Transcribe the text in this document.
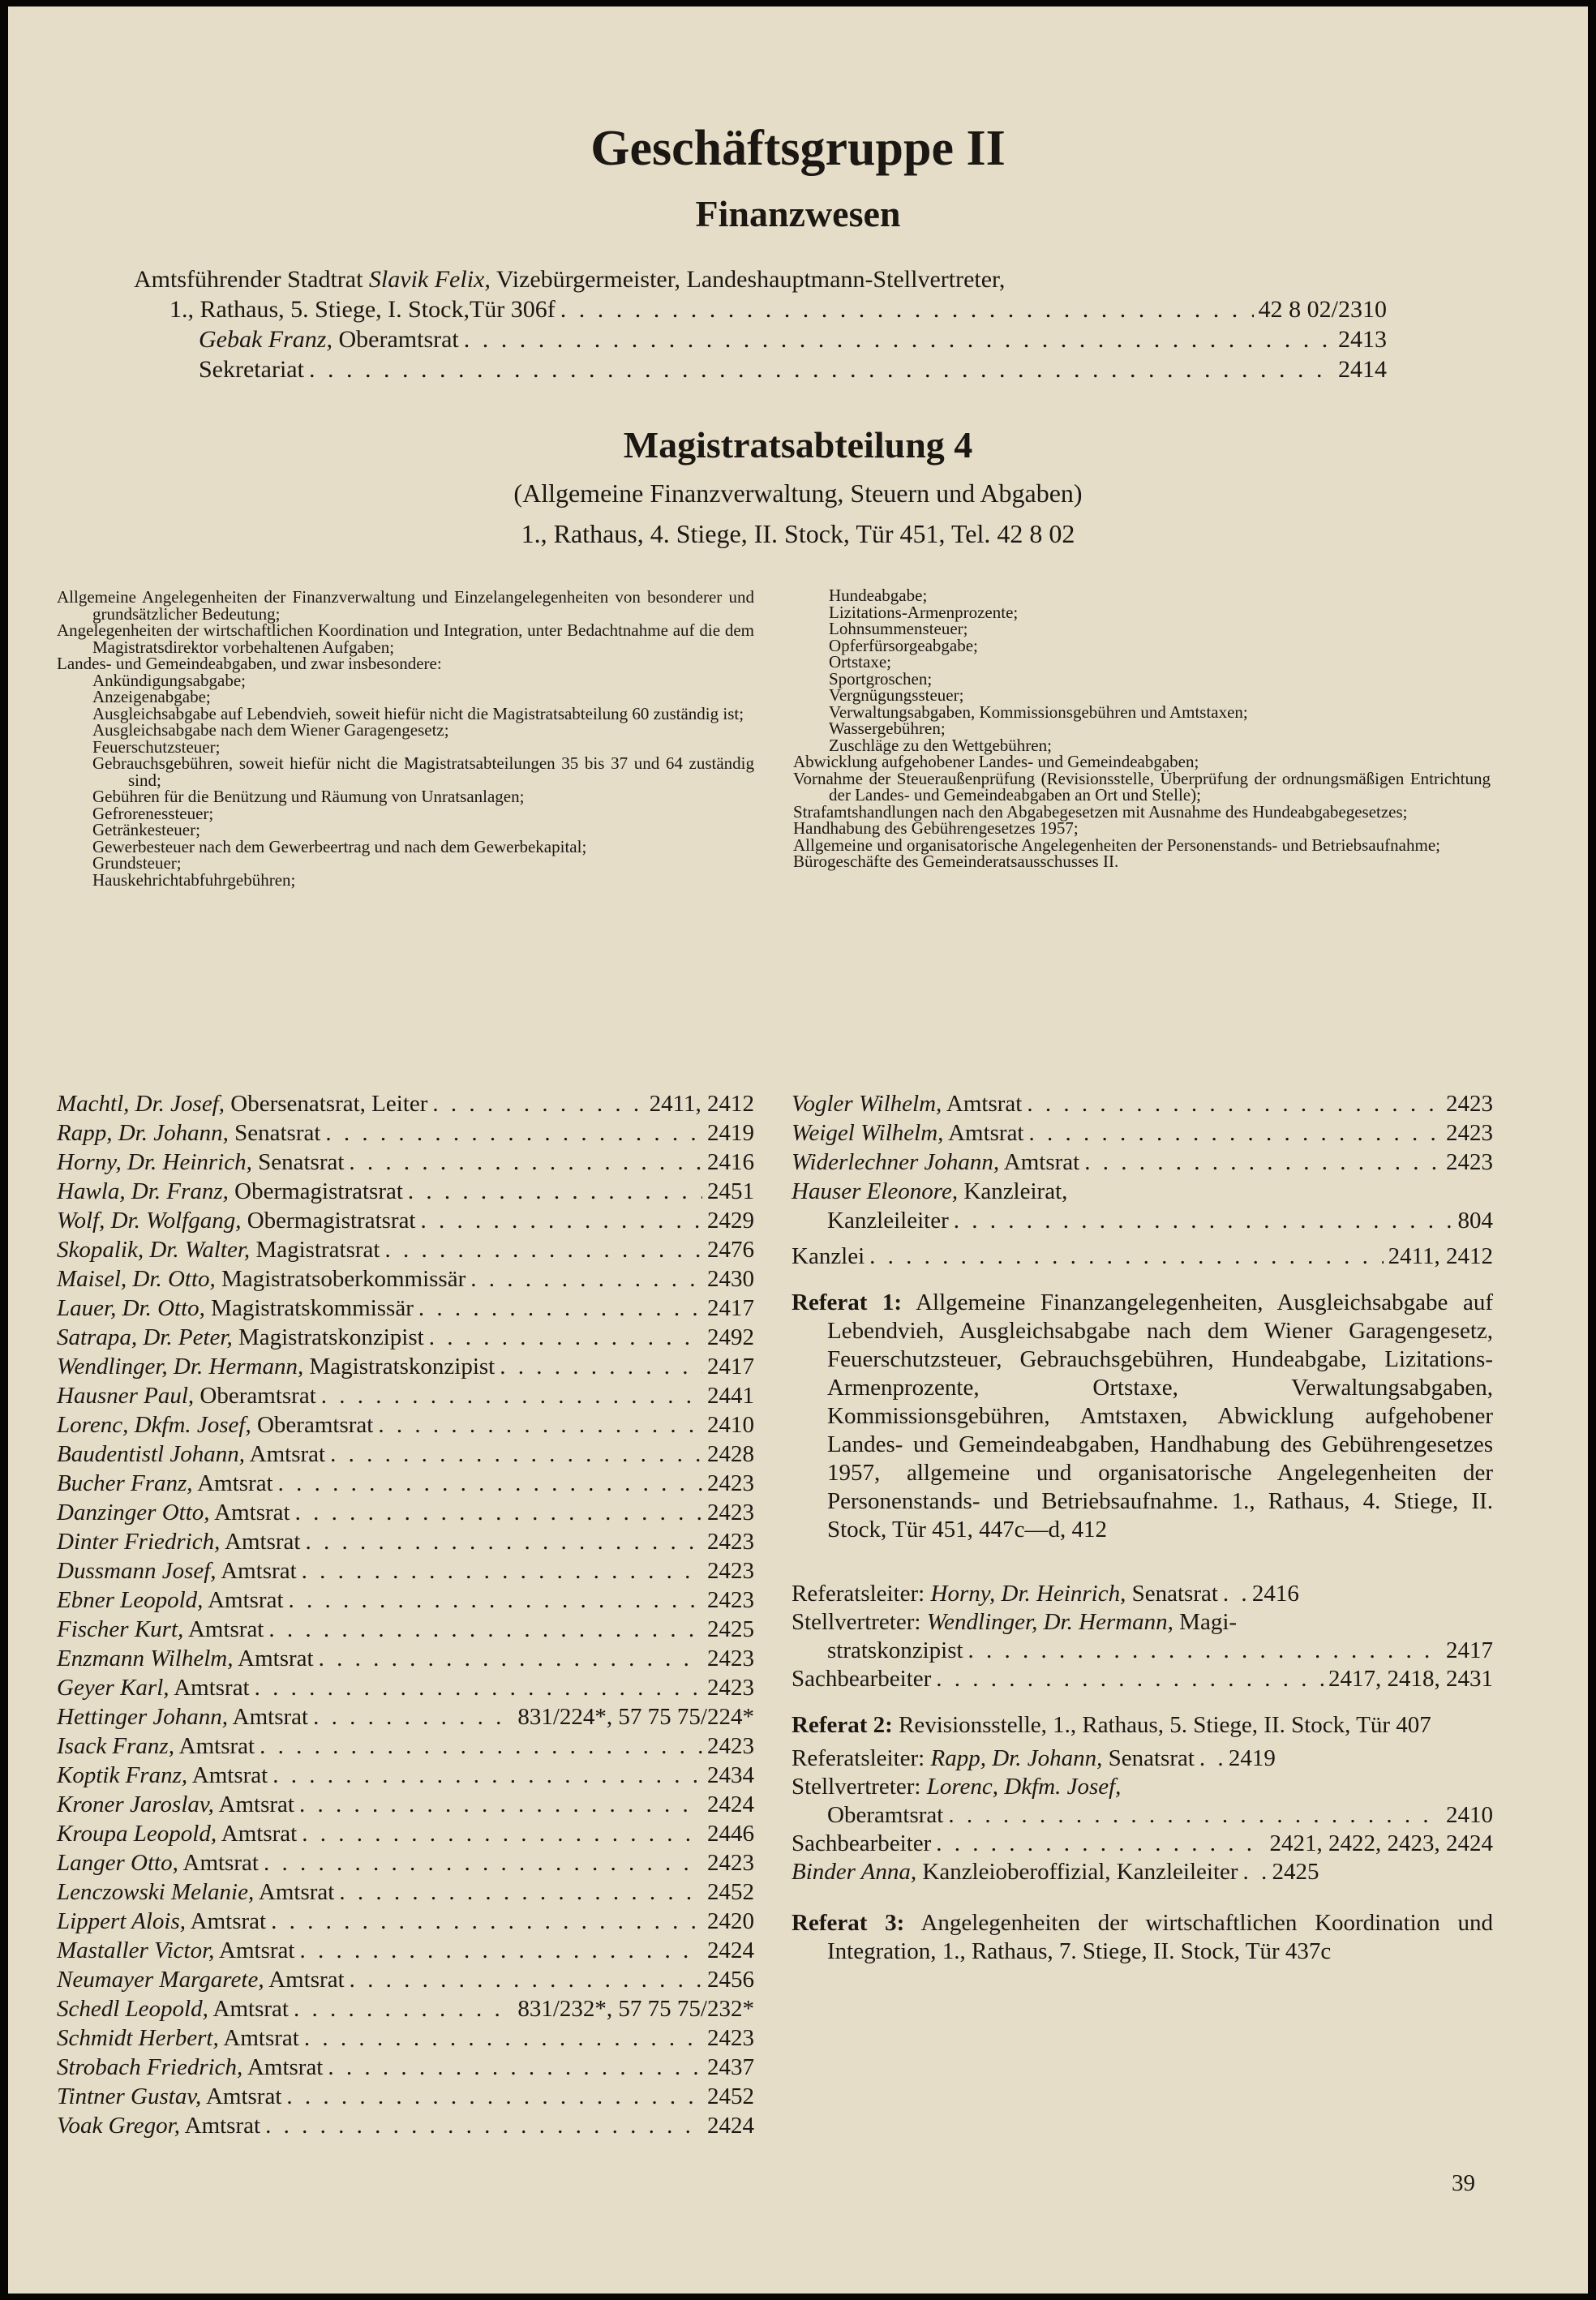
Geschäftsgruppe II
Finanzwesen
Amtsführender Stadtrat Slavik Felix, Vizebürgermeister, Landeshauptmann-Stellvertreter,
1., Rathaus, 5. Stiege, I. Stock,Tür 306f . . .	42 8 02/2310
Gebak Franz, Oberamtsrat . . .	2413
Sekretariat . . .	2414
Magistratsabteilung 4
(Allgemeine Finanzverwaltung, Steuern und Abgaben)
1., Rathaus, 4. Stiege, II. Stock, Tür 451, Tel. 42 8 02
Allgemeine Angelegenheiten der Finanzverwaltung und Einzelangelegenheiten von besonderer und grundsätzlicher Bedeutung;
Angelegenheiten der wirtschaftlichen Koordination und Integration, unter Bedachtnahme auf die dem Magistratsdirektor vorbehaltenen Aufgaben;
Landes- und Gemeindeabgaben, und zwar insbesondere:
Ankündigungsabgabe;
Anzeigenabgabe;
Ausgleichsabgabe auf Lebendvieh, soweit hiefür nicht die Magistratsabteilung 60 zuständig ist;
Ausgleichsabgabe nach dem Wiener Garagengesetz;
Feuerschutzsteuer;
Gebrauchsgebühren, soweit hiefür nicht die Magistratsabteilungen 35 bis 37 und 64 zuständig sind;
Gebühren für die Benützung und Räumung von Unratsanlagen;
Gefrorenessteuer;
Getränkesteuer;
Gewerbesteuer nach dem Gewerbeertrag und nach dem Gewerbekapital;
Grundsteuer;
Hauskehrichtabfuhrgebühren;
Hundeabgabe;
Lizitations-Armenprozente;
Lohnsummensteuer;
Opferfürsorgeabgabe;
Ortstaxe;
Sportgroschen;
Vergnügungssteuer;
Verwaltungsabgaben, Kommissionsgebühren und Amtstaxen;
Wassergebühren;
Zuschläge zu den Wettgebühren;
Abwicklung aufgehobener Landes- und Gemeindeabgaben;
Vornahme der Steueraußenprüfung (Revisionsstelle, Überprüfung der ordnungsmäßigen Entrichtung der Landes- und Gemeindeabgaben an Ort und Stelle);
Strafamtshandlungen nach den Abgabegesetzen mit Ausnahme des Hundeabgabegesetzes;
Handhabung des Gebührengesetzes 1957;
Allgemeine und organisatorische Angelegenheiten der Personenstands- und Betriebsaufnahme;
Bürogeschäfte des Gemeinderatsausschusses II.
Machtl, Dr. Josef, Obersenatsrat, Leiter . . .	2411, 2412
Rapp, Dr. Johann, Senatsrat . . .	2419
Horny, Dr. Heinrich, Senatsrat . . .	2416
Hawla, Dr. Franz, Obermagistratsrat . . .	2451
Wolf, Dr. Wolfgang, Obermagistratsrat . . .	2429
Skopalik, Dr. Walter, Magistratsrat . . .	2476
Maisel, Dr. Otto, Magistratsoberkommissär . . .	2430
Lauer, Dr. Otto, Magistratskommissär . . .	2417
Satrapa, Dr. Peter, Magistratskonzipist . . .	2492
Wendlinger, Dr. Hermann, Magistratskonzipist . . .	2417
Hausner Paul, Oberamtsrat . . .	2441
Lorenc, Dkfm. Josef, Oberamtsrat . . .	2410
Baudentistl Johann, Amtsrat . . .	2428
Bucher Franz, Amtsrat . . .	2423
Danzinger Otto, Amtsrat . . .	2423
Dinter Friedrich, Amtsrat . . .	2423
Dussmann Josef, Amtsrat . . .	2423
Ebner Leopold, Amtsrat . . .	2423
Fischer Kurt, Amtsrat . . .	2425
Enzmann Wilhelm, Amtsrat . . .	2423
Geyer Karl, Amtsrat . . .	2423
Hettinger Johann, Amtsrat . . .	831/224*, 57 75 75/224*
Isack Franz, Amtsrat . . .	2423
Koptik Franz, Amtsrat . . .	2434
Kroner Jaroslav, Amtsrat . . .	2424
Kroupa Leopold, Amtsrat . . .	2446
Langer Otto, Amtsrat . . .	2423
Lenczowski Melanie, Amtsrat . . .	2452
Lippert Alois, Amtsrat . . .	2420
Mastaller Victor, Amtsrat . . .	2424
Neumayer Margarete, Amtsrat . . .	2456
Schedl Leopold, Amtsrat . . .	831/232*, 57 75 75/232*
Schmidt Herbert, Amtsrat . . .	2423
Strobach Friedrich, Amtsrat . . .	2437
Tintner Gustav, Amtsrat . . .	2452
Voak Gregor, Amtsrat . . .	2424
Vogler Wilhelm, Amtsrat . . .	2423
Weigel Wilhelm, Amtsrat . . .	2423
Widerlechner Johann, Amtsrat . . .	2423
Hauser Eleonore, Kanzleirat,
Kanzleileiter . . .	804
Kanzlei . . .	2411, 2412
Referat 1: Allgemeine Finanzangelegenheiten, Ausgleichsabgabe auf Lebendvieh, Ausgleichsabgabe nach dem Wiener Garagengesetz, Feuerschutzsteuer, Gebrauchsgebühren, Hundeabgabe, Lizitations-Armenprozente, Ortstaxe, Verwaltungsabgaben, Kommissionsgebühren, Amtstaxen, Abwicklung aufgehobener Landes- und Gemeindeabgaben, Handhabung des Gebührengesetzes 1957, allgemeine und organisatorische Angelegenheiten der Personenstands- und Betriebsaufnahme. 1., Rathaus, 4. Stiege, II. Stock, Tür 451, 447c—d, 412
Referatsleiter: Horny, Dr. Heinrich, Senatsrat . . . 2416
Stellvertreter: Wendlinger, Dr. Hermann, Magi-
stratskonzipist . . .	2417
Sachbearbeiter . . .	2417, 2418, 2431
Referat 2: Revisionsstelle, 1., Rathaus, 5. Stiege, II. Stock, Tür 407
Referatsleiter: Rapp, Dr. Johann, Senatsrat . . . 2419
Stellvertreter: Lorenc, Dkfm. Josef,
Oberamtsrat . . .	2410
Sachbearbeiter . . .	2421, 2422, 2423, 2424
Binder Anna, Kanzleioberoffizial, Kanzleileiter . . . 2425
Referat 3: Angelegenheiten der wirtschaftlichen Koordination und Integration, 1., Rathaus, 7. Stiege, II. Stock, Tür 437c
39
